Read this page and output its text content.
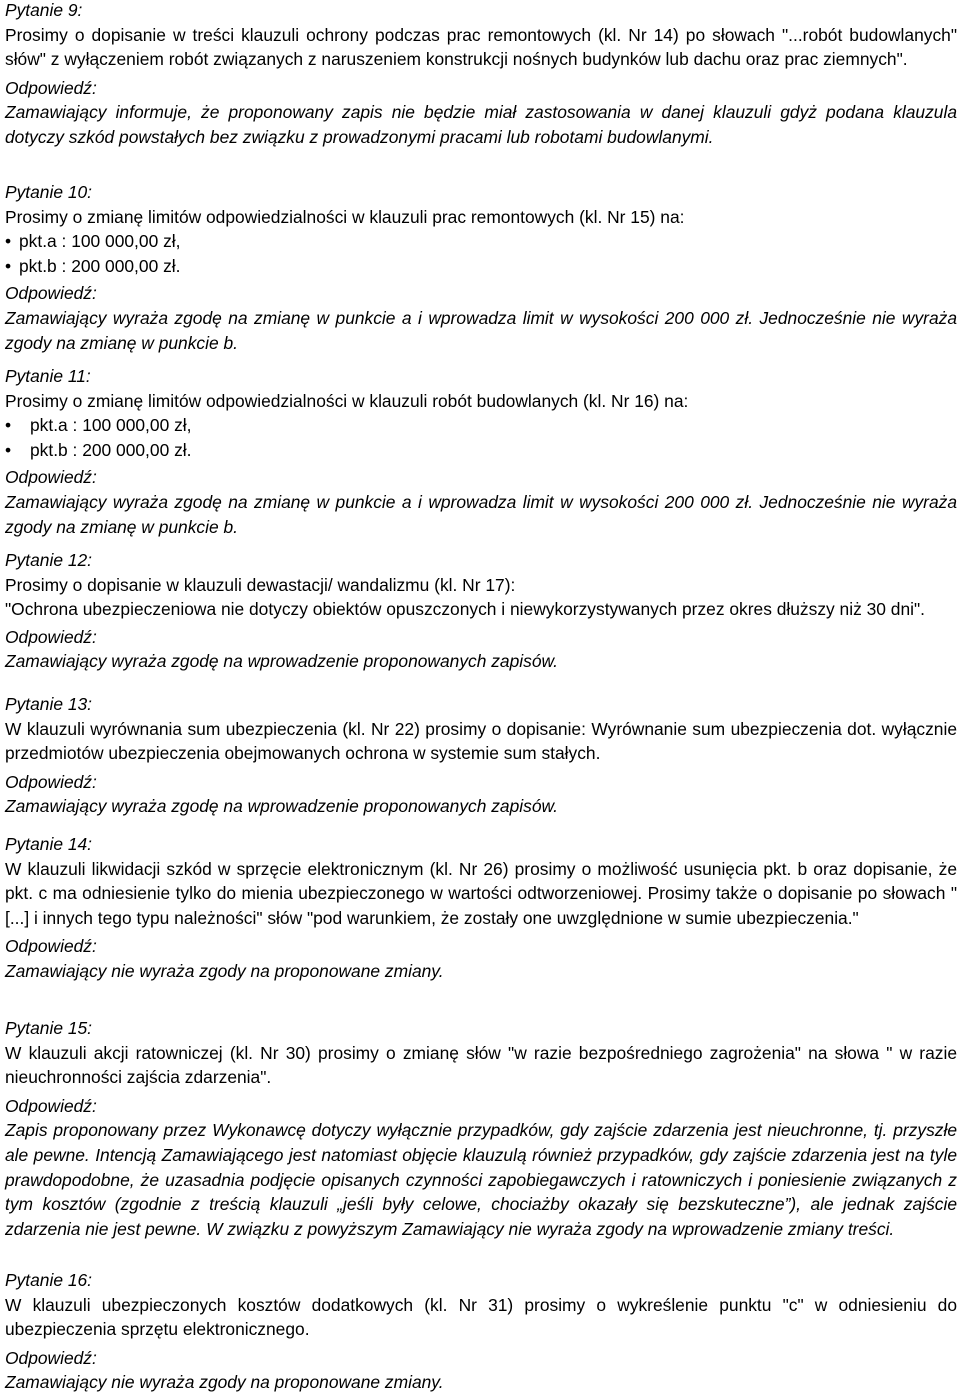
Pytanie 9:

Prosimy o dopisanie w treści klauzuli ochrony podczas prac remontowych (kl. Nr 14) po słowach "...robót budowlanych" słów" z wyłączeniem robót związanych z naruszeniem konstrukcji nośnych budynków lub dachu oraz prac ziemnych".

Odpowiedź:

Zamawiający informuje, że proponowany zapis nie będzie miał zastosowania w danej klauzuli gdyż podana klauzula dotyczy szkód powstałych bez związku z prowadzonymi pracami lub robotami budowlanymi.

Pytanie 10:

Prosimy o zmianę limitów odpowiedzialności w klauzuli prac remontowych (kl. Nr 15) na:

• pkt.a : 100 000,00 zł,
• pkt.b : 200 000,00 zł.

Odpowiedź:

Zamawiający wyraża zgodę na zmianę w punkcie a i wprowadza limit w wysokości 200 000 zł. Jednocześnie nie wyraża zgody na zmianę w punkcie b.

Pytanie 11:

Prosimy o zmianę limitów odpowiedzialności w klauzuli robót budowlanych (kl. Nr 16) na:

• pkt.a : 100 000,00 zł,
• pkt.b : 200 000,00 zł.

Odpowiedź:

Zamawiający wyraża zgodę na zmianę w punkcie a i wprowadza limit w wysokości 200 000 zł. Jednocześnie nie wyraża zgody na zmianę w punkcie b.

Pytanie 12:

Prosimy o dopisanie w klauzuli dewastacji/ wandalizmu (kl. Nr 17):

"Ochrona ubezpieczeniowa nie dotyczy obiektów opuszczonych i niewykorzystywanych przez okres dłuższy niż 30 dni".

Odpowiedź:

Zamawiający wyraża zgodę na wprowadzenie proponowanych zapisów.

Pytanie 13:

W klauzuli wyrównania sum ubezpieczenia (kl. Nr 22) prosimy o dopisanie: Wyrównanie sum ubezpieczenia dot. wyłącznie przedmiotów ubezpieczenia obejmowanych ochrona w systemie sum stałych.

Odpowiedź:

Zamawiający wyraża zgodę na wprowadzenie proponowanych zapisów.

Pytanie 14:

W klauzuli likwidacji szkód w sprzęcie elektronicznym (kl. Nr 26) prosimy o możliwość usunięcia pkt. b oraz dopisanie, że pkt. c ma odniesienie tylko do mienia ubezpieczonego w wartości odtworzeniowej. Prosimy także o dopisanie po słowach " [...] i innych tego typu należności" słów "pod warunkiem, że zostały one uwzględnione w sumie ubezpieczenia."

Odpowiedź:

Zamawiający nie wyraża zgody na proponowane zmiany.

Pytanie 15:

W klauzuli akcji ratowniczej (kl. Nr 30) prosimy o zmianę słów "w razie bezpośredniego zagrożenia" na słowa " w razie nieuchronności zajścia zdarzenia".

Odpowiedź:

Zapis proponowany przez Wykonawcę dotyczy wyłącznie przypadków, gdy zajście zdarzenia jest nieuchronne, tj. przyszłe ale pewne. Intencją Zamawiającego jest natomiast objęcie klauzulą również przypadków, gdy zajście zdarzenia jest na tyle prawdopodobne, że uzasadnia podjęcie opisanych czynności zapobiegawczych i ratowniczych i poniesienie związanych z tym kosztów (zgodnie z treścią klauzuli „jeśli były celowe, chociażby okazały się bezskuteczne”), ale jednak zajście zdarzenia nie jest pewne. W związku z powyższym Zamawiający nie wyraża zgody na wprowadzenie zmiany treści.

Pytanie 16:

W klauzuli ubezpieczonych kosztów dodatkowych (kl. Nr 31) prosimy o wykreślenie punktu "c" w odniesieniu do ubezpieczenia sprzętu elektronicznego.

Odpowiedź:

Zamawiający nie wyraża zgody na proponowane zmiany.
